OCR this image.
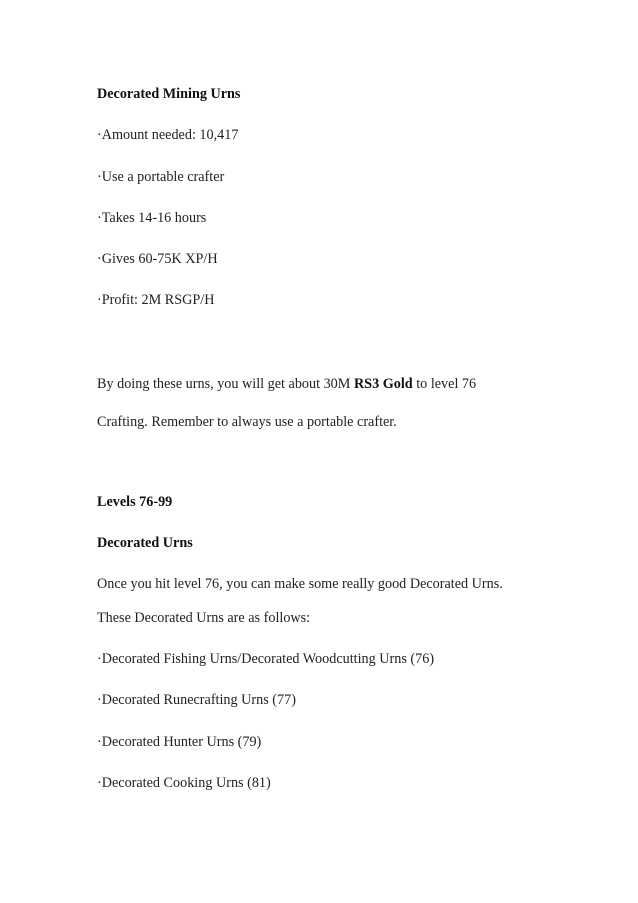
Decorated Mining Urns
·Amount needed: 10,417
·Use a portable crafter
·Takes 14-16 hours
·Gives 60-75K XP/H
·Profit: 2M RSGP/H
By doing these urns, you will get about 30M RS3 Gold to level 76
Crafting. Remember to always use a portable crafter.
Levels 76-99
Decorated Urns
Once you hit level 76, you can make some really good Decorated Urns.
These Decorated Urns are as follows:
·Decorated Fishing Urns/Decorated Woodcutting Urns (76)
·Decorated Runecrafting Urns (77)
·Decorated Hunter Urns (79)
·Decorated Cooking Urns (81)
